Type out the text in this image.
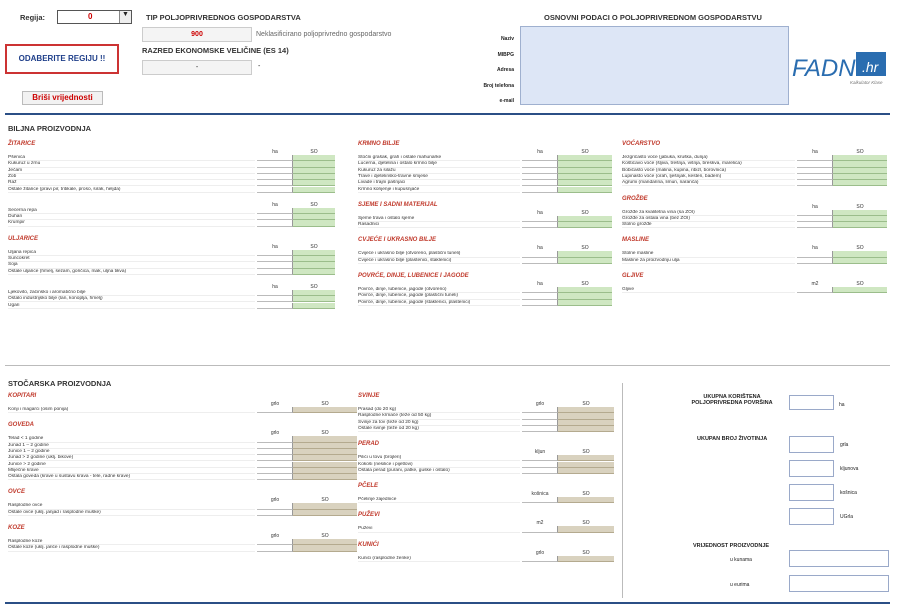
Regija:	0	▼
ODABERITE REGIJU !!
Briši vrijednosti
TIP POLJOPRIVREDNOG GOSPODARSTVA
900	Neklasificirano poljoprivredno gospodarstvo
RAZRED EKONOMSKE VELIČINE (ES 14)
-	-
OSNOVNI PODACI O POLJOPRIVREDNOM GOSPODARSTVU
Naziv
MIBPG
Adresa
Broj telefona
e-mail
FADN .hr
Kalkulator Klase
BILJNA PROIZVODNJA
ŽITARICE
ha	SO
Pšenica
Kukuruz u zrnu
Ječam
Zob
Raž
Ostale žitarice (pravi pir, tritikale, proso, sirak, heljda)
ha	SO
Šećerna repa
Duhan
Krumpir
ULJARICE
ha	SO
Uljana repica
Suncokret
Soja
Ostale uljarice (hmelj, sezam, goričica, mak, uljna tikva)
ha	SO
Ljekovito, začinsko i aromatično bilje
Ostalo industrijsko bilje (lan, konoplja, hmelj)
Ugari
KRMNO BILJE
ha	SO
Stočni grašak, grah i ostale mahunarke
Lucerna, djetelina i ostalo krmno bilje
Kukuruz za silažu
Trave i djetelinsko-travne smjese
Livade i trajni pašnjaci
Krmno korijenje i kupusnjače
SJEME I SADNI MATERIJAL
ha	SO
Sjeme trava i ostalo sjeme
Rasadnici
CVJEĆE I UKRASNO BILJE
ha	SO
Cvijeće i ukrasno bilje (otvoreno, plastični tuneli)
Cvijeće i ukrasno bilje (plastenici, staklenici)
POVRĆE, DINJE, LUBENICE I JAGODE
ha	SO
Povrće, dinje, lubenice, jagode (otvoreno)
Povrće, dinje, lubenice, jagode (plastični tuneli)
Povrće, dinje, lubenice, jagode (staklenici, plastenici)
VOĆARSTVO
ha	SO
Jezgričasto voće (jabuka, kruška, dunja)
Koštićavo voće (šljiva, trešnja, višnja, breskva, marelica)
Bobičasto voće (malina, kupina, ribizl, borovnica)
Lupinasto voće (orah, lješnjak, kesten, badem)
Agrumi (mandarina, limun, naranča)
GROŽĐE
ha	SO
Grožđe za kvalitetna vina (sa ZOI)
Grožđe za ostala vina (bez ZOI)
Stolno grožđe
MASLINE
ha	SO
Stolne masline
Masline za proizvodnju ulja
GLJIVE
m2	SO
Gljive
STOČARSKA PROIZVODNJA
KOPITARI
grlo	SO
Konji i magarci (osim ponija)
GOVEDA
grlo	SO
Telad < 1 godine
Junad 1 – 2 godine
Junice 1 – 2 godine
Junad > 2 godine (uklj. bikove)
Junice > 2 godine
Mliječne krave
Ostala goveda (krave u sustavu krava - tele, radne krave)
OVCE
grlo	SO
Rasplodne ovce
Ostale ovce (uklj. janjad i rasplodne muške)
KOZE
grlo	SO
Rasplodne koze
Ostale koze (uklj. jariće i rasplodne muške)
SVINJE
grlo	SO
Prasad (do 20 kg)
Rasplodne krmače (teže od 50 kg)
Svinje za tov (teže od 20 kg)
Ostale svinje (teže od 20 kg)
PERAD
kljun	SO
Pilići u tovu (brojleri)
Kokoši (nesilice i pijetlovi)
Ostala perad (purani, patke, guske i ostalo)
PČELE
košnica	SO
Pčelinje zajednice
PUŽEVI
m2	SO
Puževi
KUNIĆI
grlo	SO
Kunići (rasplodne ženke)
UKUPNA KORIŠTENA POLJOPRIVREDNA POVRŠINA	ha
UKUPAN BROJ ŽIVOTINJA
grla
kljunova
košnica
UGrla
VRIJEDNOST PROIZVODNJE
u kunama
u eurima
